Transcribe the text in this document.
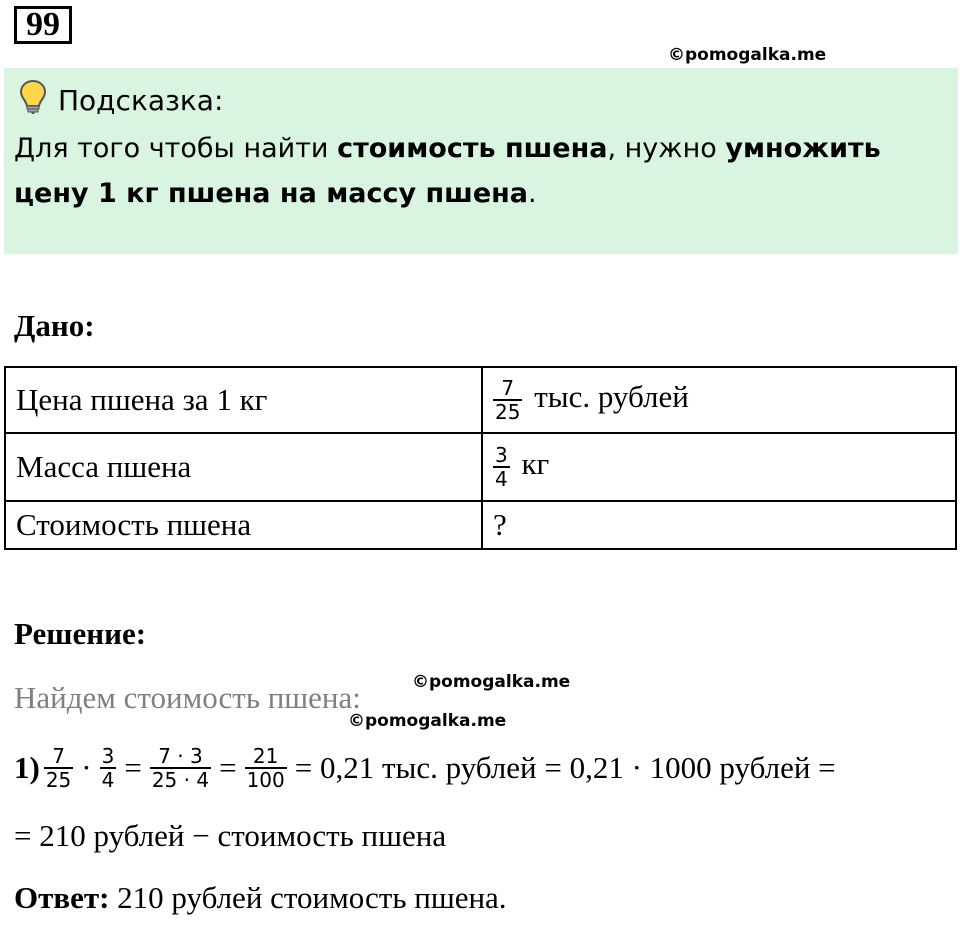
99
©pomogalka.me
Подсказка:
Для того чтобы найти стоимость пшена, нужно умножить цену 1 кг пшена на массу пшена.
Дано:
Цена пшена за 1 кг	$\frac{7}{25}$ тыс. рублей
Масса пшена	$\frac{3}{4}$ кг
Стоимость пшена	?
Решение:
Найдем стоимость пшена:	©pomogalka.me
©pomogalka.me
$1) \frac{7}{25} \cdot \frac{3}{4} = \frac{7 \cdot 3}{25 \cdot 4} = \frac{21}{100} = 0,21$ тыс. рублей = 0,21 · 1000 рублей =
= 210 рублей − стоимость пшена
Ответ: 210 рублей стоимость пшена.
